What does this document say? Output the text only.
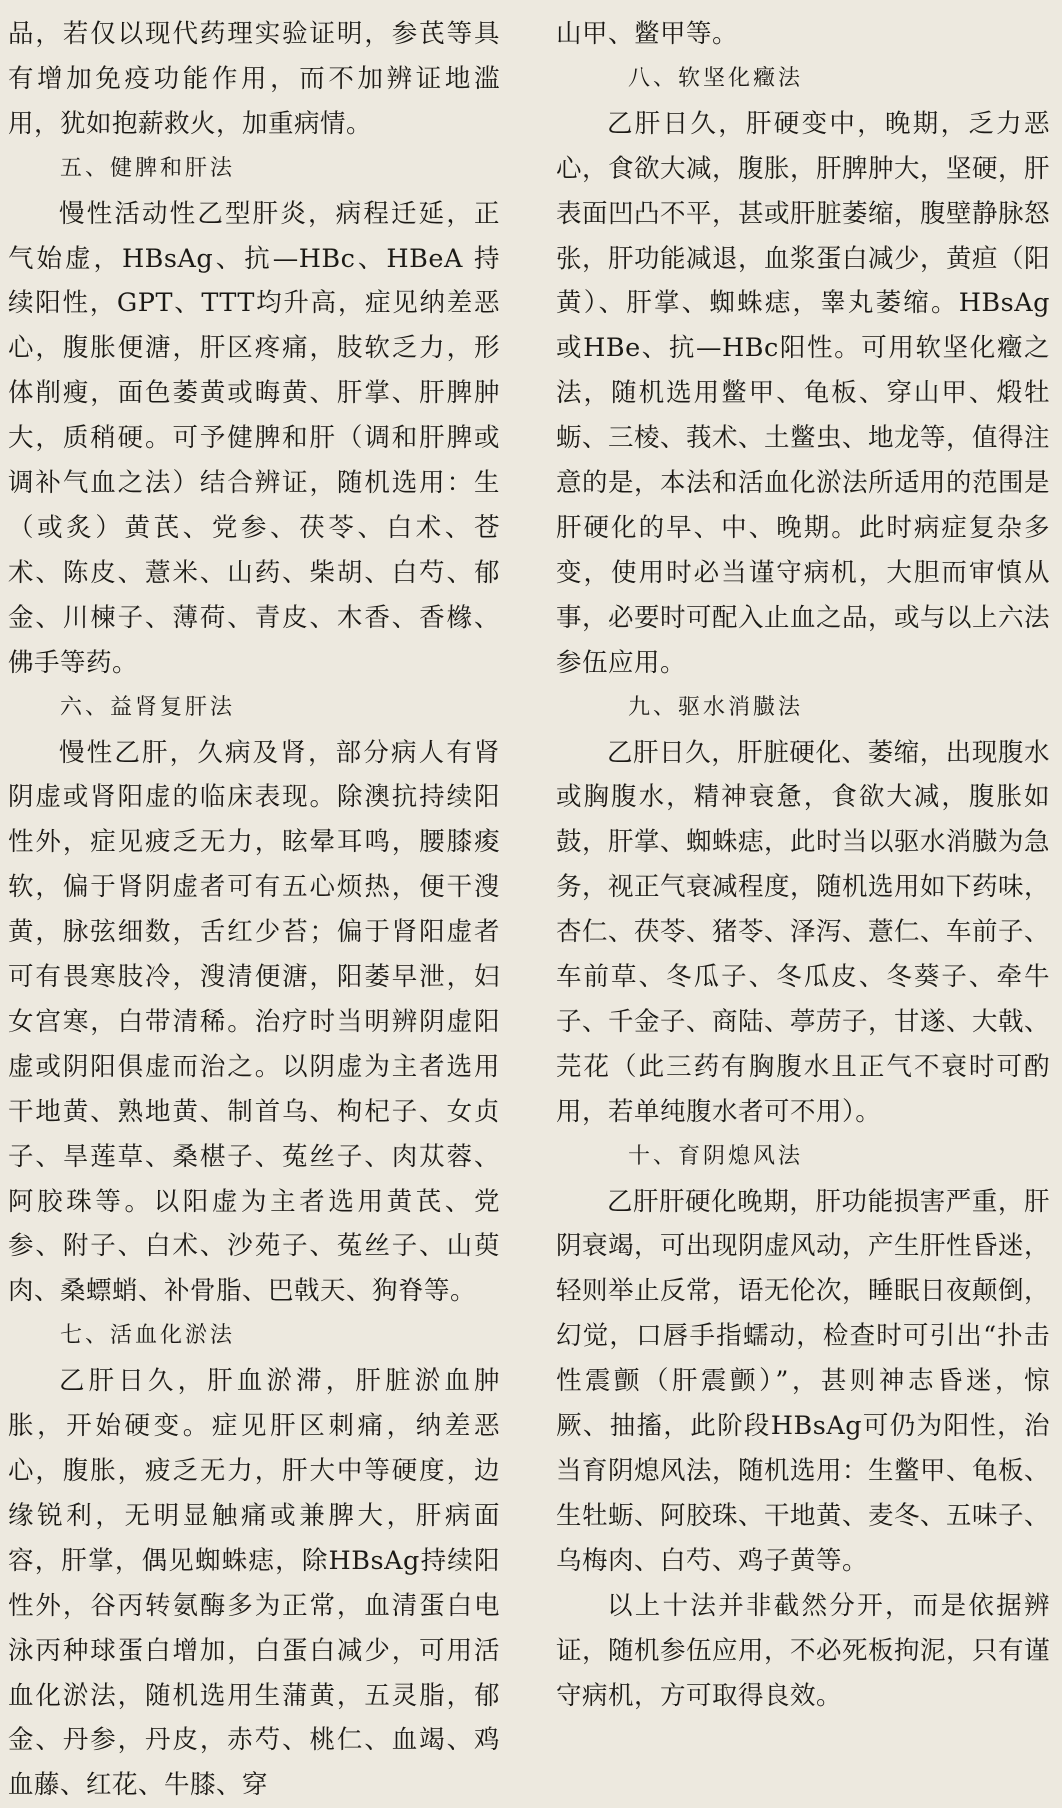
品，若仅以现代药理实验证明，参芪等具有增加免疫功能作用，而不加辨证地滥用，犹如抱薪救火，加重病情。

五、健脾和肝法

慢性活动性乙型肝炎，病程迁延，正气始虚，HBsAg、抗—HBc、HBeA 持续阳性，GPT、TTT均升高，症见纳差恶心，腹胀便溏，肝区疼痛，肢软乏力，形体削瘦，面色萎黄或晦黄、肝掌、肝脾肿大，质稍硬。可予健脾和肝（调和肝脾或调补气血之法）结合辨证，随机选用：生（或炙）黄芪、党参、茯苓、白术、苍术、陈皮、薏米、山药、柴胡、白芍、郁金、川楝子、薄荷、青皮、木香、香橼、佛手等药。

六、益肾复肝法

慢性乙肝，久病及肾，部分病人有肾阴虚或肾阳虚的临床表现。除澳抗持续阳性外，症见疲乏无力，眩晕耳鸣，腰膝痠软，偏于肾阴虚者可有五心烦热，便干溲黄，脉弦细数，舌红少苔；偏于肾阳虚者可有畏寒肢冷，溲清便溏，阳萎早泄，妇女宫寒，白带清稀。治疗时当明辨阴虚阳虚或阴阳俱虚而治之。以阴虚为主者选用干地黄、熟地黄、制首乌、枸杞子、女贞子、旱莲草、桑椹子、菟丝子、肉苁蓉、阿胶珠等。以阳虚为主者选用黄芪、党参、附子、白术、沙苑子、菟丝子、山萸肉、桑螵蛸、补骨脂、巴戟天、狗脊等。

七、活血化淤法

乙肝日久，肝血淤滞，肝脏淤血肿胀，开始硬变。症见肝区刺痛，纳差恶心，腹胀，疲乏无力，肝大中等硬度，边缘锐利，无明显触痛或兼脾大，肝病面容，肝掌，偶见蜘蛛痣，除HBsAg持续阳性外，谷丙转氨酶多为正常，血清蛋白电泳丙种球蛋白增加，白蛋白减少，可用活血化淤法，随机选用生蒲黄，五灵脂，郁金、丹参，丹皮，赤芍、桃仁、血竭、鸡血藤、红花、牛膝、穿

山甲、鳖甲等。

八、软坚化癥法

乙肝日久，肝硬变中，晚期，乏力恶心，食欲大减，腹胀，肝脾肿大，坚硬，肝表面凹凸不平，甚或肝脏萎缩，腹壁静脉怒张，肝功能减退，血浆蛋白减少，黄疸（阳黄）、肝掌、蜘蛛痣，睾丸萎缩。HBsAg或HBe、抗—HBc阳性。可用软坚化癥之法，随机选用鳖甲、龟板、穿山甲、煅牡蛎、三棱、莪术、土鳖虫、地龙等，值得注意的是，本法和活血化淤法所适用的范围是肝硬化的早、中、晚期。此时病症复杂多变，使用时必当谨守病机，大胆而审慎从事，必要时可配入止血之品，或与以上六法参伍应用。

九、驱水消臌法

乙肝日久，肝脏硬化、萎缩，出现腹水或胸腹水，精神衰惫，食欲大减，腹胀如鼓，肝掌、蜘蛛痣，此时当以驱水消臌为急务，视正气衰减程度，随机选用如下药味，杏仁、茯苓、猪苓、泽泻、薏仁、车前子、车前草、冬瓜子、冬瓜皮、冬葵子、牵牛子、千金子、商陆、葶苈子，甘遂、大戟、芫花（此三药有胸腹水且正气不衰时可酌用，若单纯腹水者可不用）。

十、育阴熄风法

乙肝肝硬化晚期，肝功能损害严重，肝阴衰竭，可出现阴虚风动，产生肝性昏迷，轻则举止反常，语无伦次，睡眠日夜颠倒，幻觉，口唇手指蠕动，检查时可引出“扑击性震颤（肝震颤）”，甚则神志昏迷，惊厥、抽搐，此阶段HBsAg可仍为阳性，治当育阴熄风法，随机选用：生鳖甲、龟板、生牡蛎、阿胶珠、干地黄、麦冬、五味子、乌梅肉、白芍、鸡子黄等。

以上十法并非截然分开，而是依据辨证，随机参伍应用，不必死板拘泥，只有谨守病机，方可取得良效。
